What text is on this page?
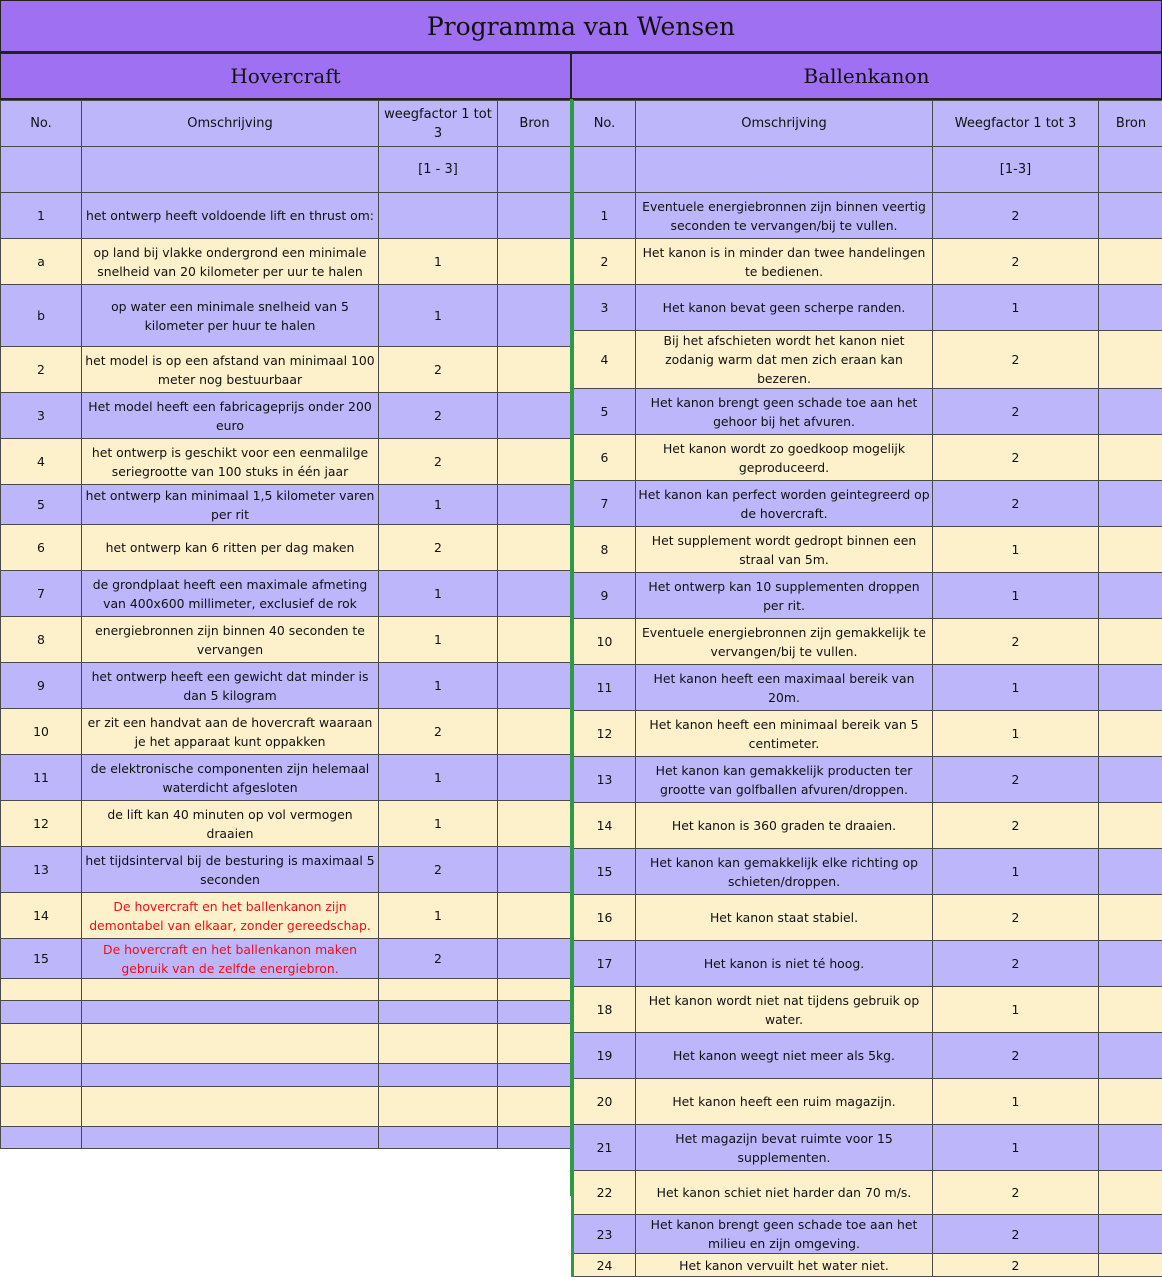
Programma van Wensen
Hovercraft	Ballenkanon
No.	Omschrijving	weegfactor 1 tot 3	Bron
		[1 - 3]	
1	het ontwerp heeft voldoende lift en thrust om:		
a	op land bij vlakke ondergrond een minimale snelheid van 20 kilometer per uur te halen	1	
b	op water een minimale snelheid van 5 kilometer per huur te halen	1	
2	het model is op een afstand van minimaal 100 meter nog bestuurbaar	2	
3	Het model heeft een fabricageprijs onder 200 euro	2	
4	het ontwerp is geschikt voor een eenmalilge seriegrootte van 100 stuks in één jaar	2	
5	het ontwerp kan minimaal 1,5 kilometer varen per rit	1	
6	het ontwerp kan 6 ritten per dag maken	2	
7	de grondplaat heeft een maximale afmeting van 400x600 millimeter, exclusief de rok	1	
8	energiebronnen zijn binnen 40 seconden te vervangen	1	
9	het ontwerp heeft een gewicht dat minder is dan 5 kilogram	1	
10	er zit een handvat aan de hovercraft waaraan je het apparaat kunt oppakken	2	
11	de elektronische componenten zijn helemaal waterdicht afgesloten	1	
12	de lift kan 40 minuten op vol vermogen draaien	1	
13	het tijdsinterval bij de besturing is maximaal 5 seconden	2	
14	De hovercraft en het ballenkanon zijn demontabel van elkaar, zonder gereedschap.	1	
15	De hovercraft en het ballenkanon maken gebruik van de zelfde energiebron.	2	

No.	Omschrijving	Weegfactor 1 tot 3	Bron
		[1-3]	
1	Eventuele energiebronnen zijn binnen veertig seconden te vervangen/bij te vullen.	2	
2	Het kanon is in minder dan twee handelingen te bedienen.	2	
3	Het kanon bevat geen scherpe randen.	1	
4	Bij het afschieten wordt het kanon niet zodanig warm dat men zich eraan kan bezeren.	2	
5	Het kanon brengt geen schade toe aan het gehoor bij het afvuren.	2	
6	Het kanon wordt zo goedkoop mogelijk geproduceerd.	2	
7	Het kanon kan perfect worden geintegreerd op de hovercraft.	2	
8	Het supplement wordt gedropt binnen een straal van 5m.	1	
9	Het ontwerp kan 10 supplementen droppen per rit.	1	
10	Eventuele energiebronnen zijn gemakkelijk te vervangen/bij te vullen.	2	
11	Het kanon heeft een maximaal bereik van 20m.	1	
12	Het kanon heeft een minimaal bereik van 5 centimeter.	1	
13	Het kanon kan gemakkelijk producten ter grootte van golfballen afvuren/droppen.	2	
14	Het kanon is 360 graden te draaien.	2	
15	Het kanon kan gemakkelijk elke richting op schieten/droppen.	1	
16	Het kanon staat stabiel.	2	
17	Het kanon is niet té hoog.	2	
18	Het kanon wordt niet nat tijdens gebruik op water.	1	
19	Het kanon weegt niet meer als 5kg.	2	
20	Het kanon heeft een ruim magazijn.	1	
21	Het magazijn bevat ruimte voor 15 supplementen.	1	
22	Het kanon schiet niet harder dan 70 m/s.	2	
23	Het kanon brengt geen schade toe aan het milieu en zijn omgeving.	2	
24	Het kanon vervuilt het water niet.	2	
